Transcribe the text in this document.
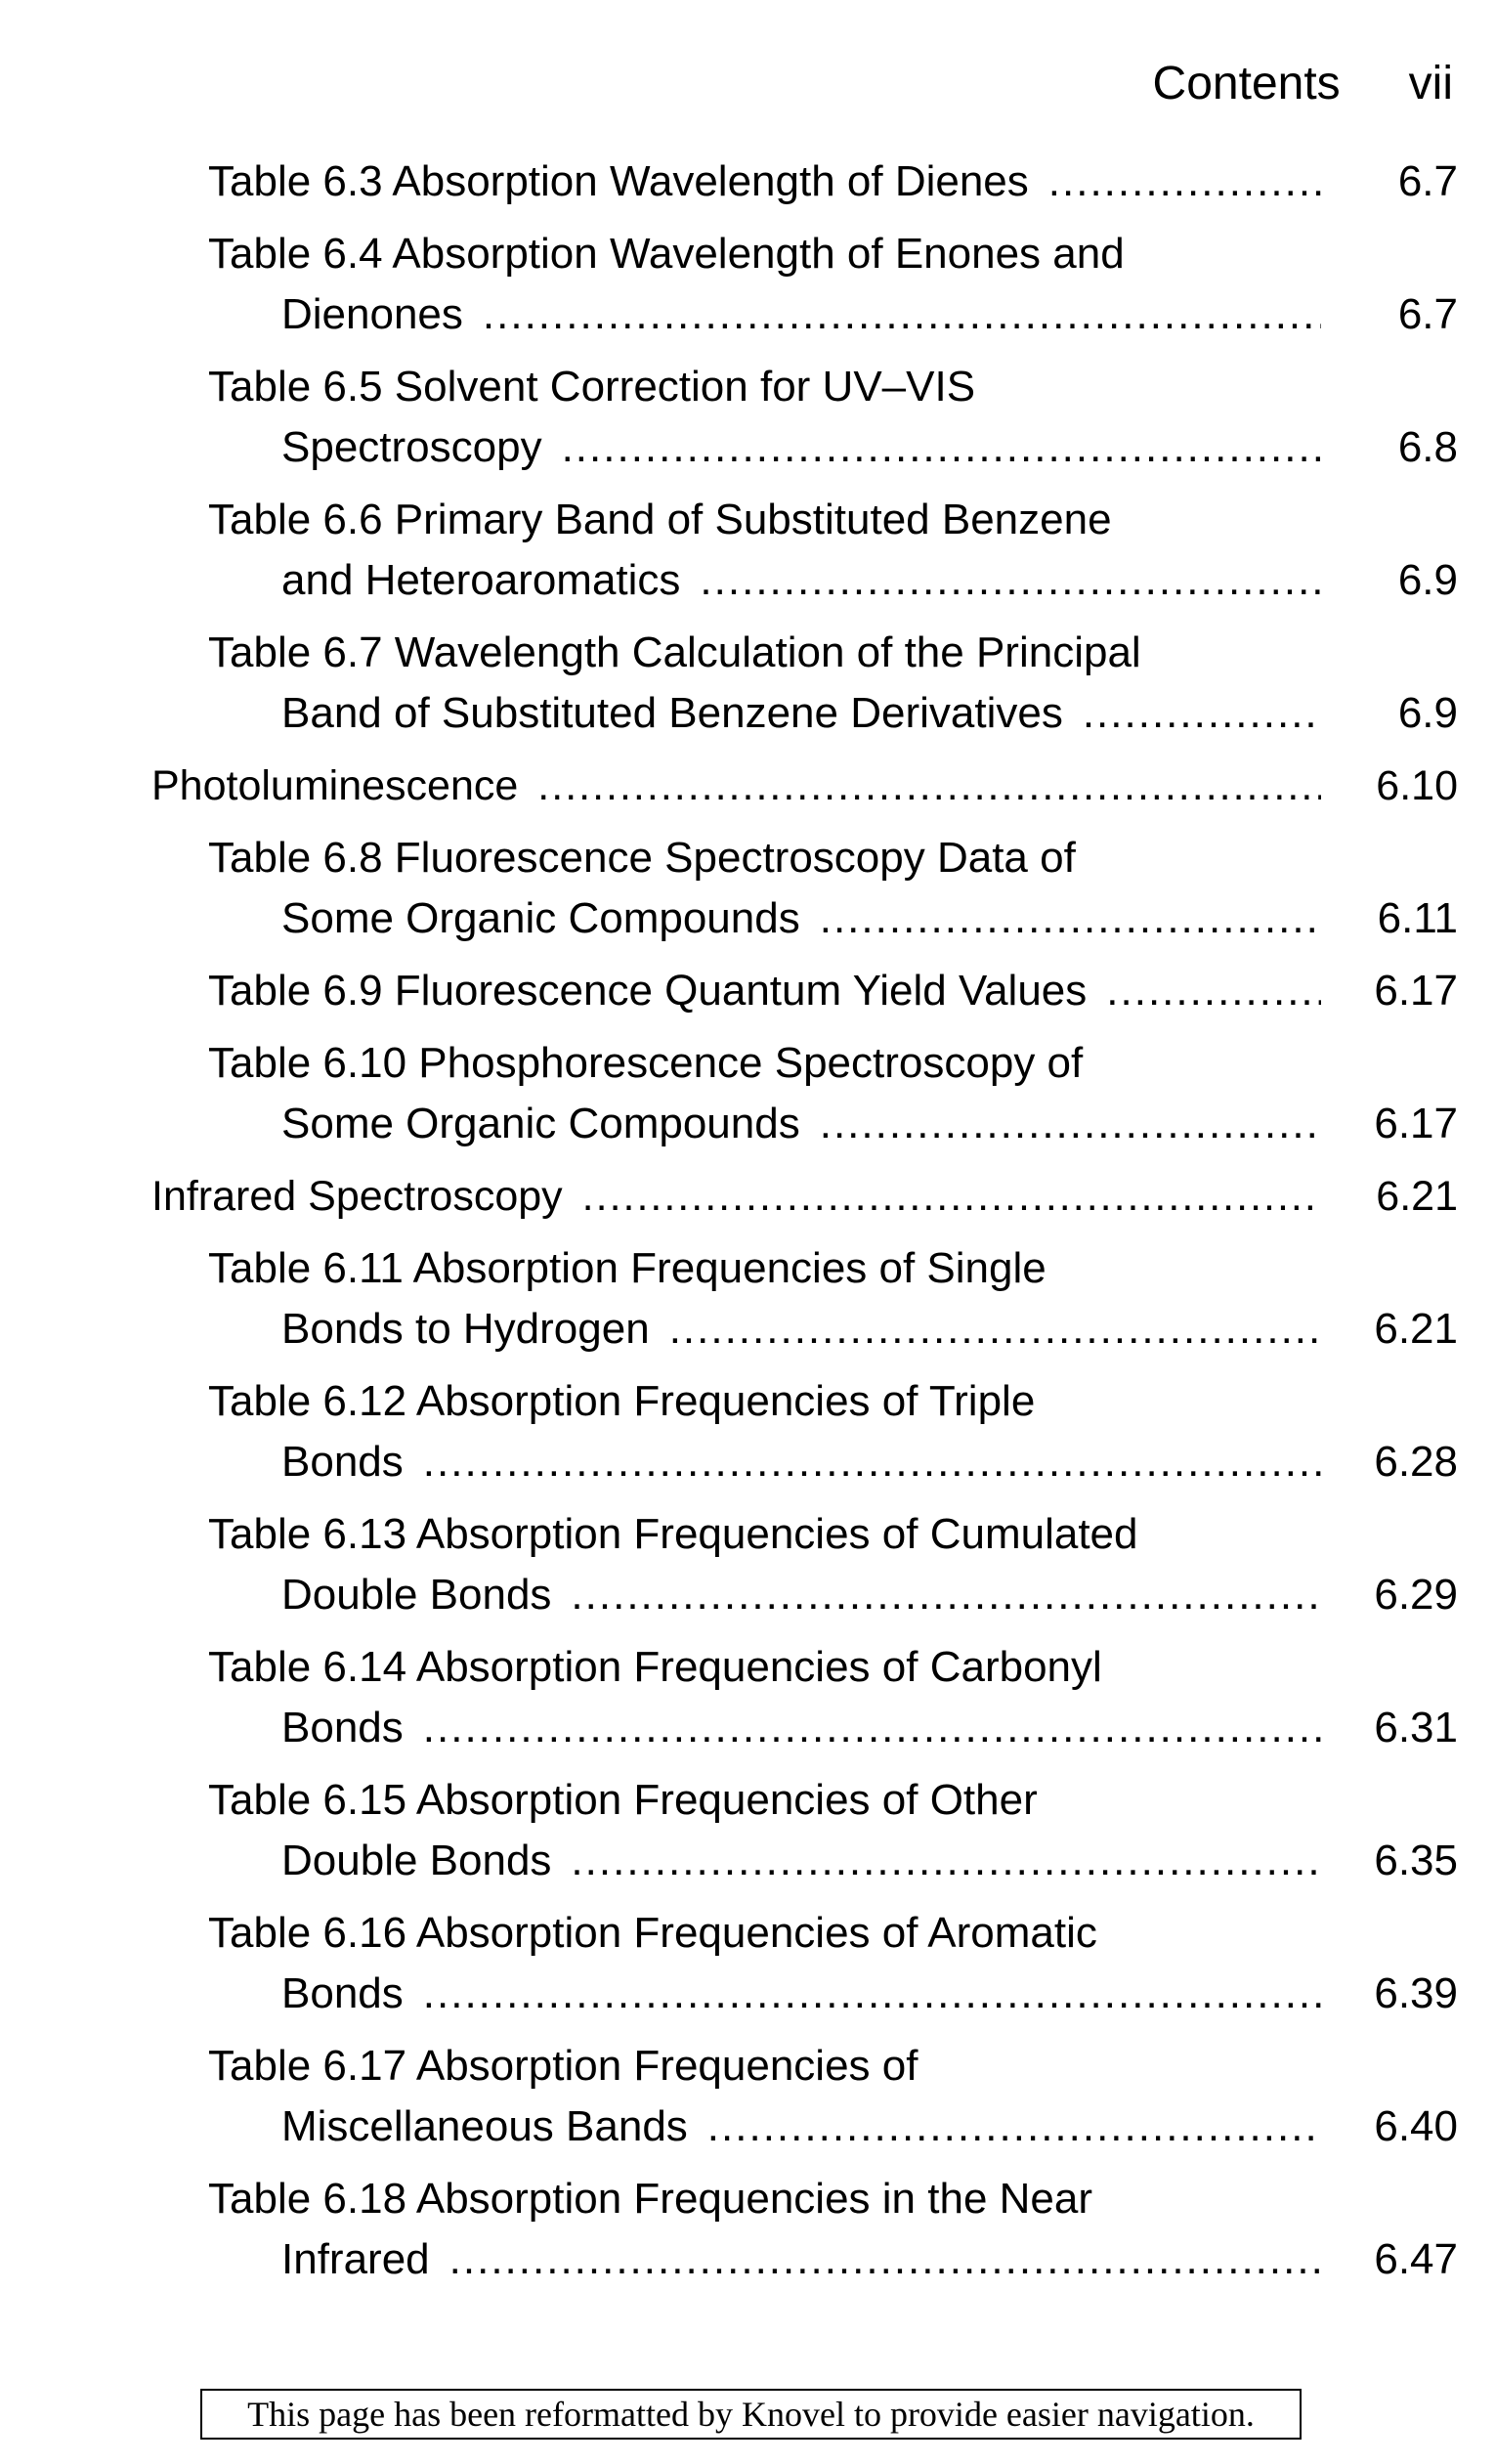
Contents vii
Table 6.3 Absorption Wavelength of Dienes .....	6.7
Table 6.4 Absorption Wavelength of Enones and
Dienones .....	6.7
Table 6.5 Solvent Correction for UV–VIS
Spectroscopy .....	6.8
Table 6.6 Primary Band of Substituted Benzene
and Heteroaromatics .....	6.9
Table 6.7 Wavelength Calculation of the Principal
Band of Substituted Benzene Derivatives .....	6.9
Photoluminescence .....	6.10
Table 6.8 Fluorescence Spectroscopy Data of
Some Organic Compounds .....	6.11
Table 6.9 Fluorescence Quantum Yield Values .....	6.17
Table 6.10 Phosphorescence Spectroscopy of
Some Organic Compounds .....	6.17
Infrared Spectroscopy .....	6.21
Table 6.11 Absorption Frequencies of Single
Bonds to Hydrogen .....	6.21
Table 6.12 Absorption Frequencies of Triple
Bonds .....	6.28
Table 6.13 Absorption Frequencies of Cumulated
Double Bonds .....	6.29
Table 6.14 Absorption Frequencies of Carbonyl
Bonds .....	6.31
Table 6.15 Absorption Frequencies of Other
Double Bonds .....	6.35
Table 6.16 Absorption Frequencies of Aromatic
Bonds .....	6.39
Table 6.17 Absorption Frequencies of
Miscellaneous Bands .....	6.40
Table 6.18 Absorption Frequencies in the Near
Infrared .....	6.47
This page has been reformatted by Knovel to provide easier navigation.
